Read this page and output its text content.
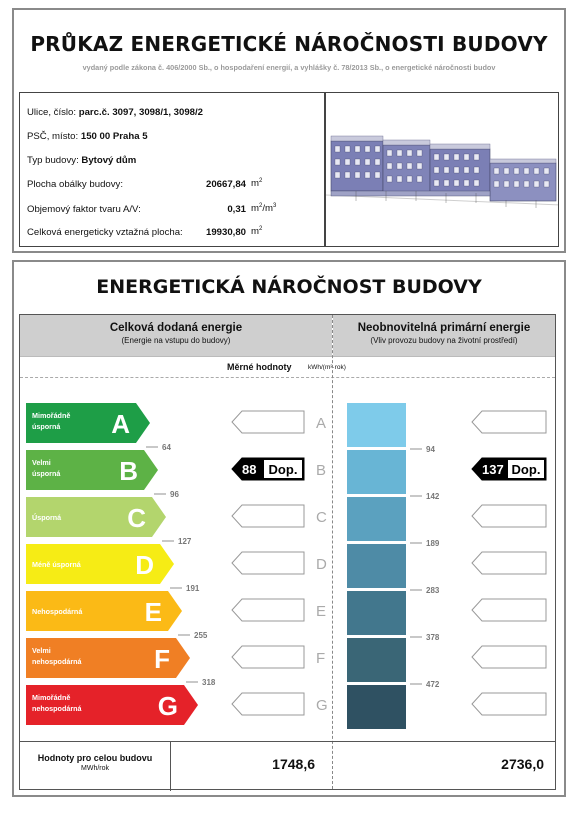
PRŮKAZ ENERGETICKÉ NÁROČNOSTI BUDOVY
vydaný podle zákona č. 406/2000 Sb., o hospodaření energií, a vyhlášky č. 78/2013 Sb., o energetické náročnosti budov
Ulice, číslo: parc.č. 3097, 3098/1, 3098/2
PSČ, místo: 150 00 Praha 5
Typ budovy: Bytový dům
Plocha obálky budovy:	20667,84 $m^2$
Objemový faktor tvaru A/V:	0,31 $m^2/m^3$
Celková energeticky vztažná plocha: 19930,80 $m^2$
ENERGETICKÁ NÁROČNOST BUDOVY
Celková dodaná energie
(Energie na vstupu do budovy)
Neobnovitelná primární energie
(Vliv provozu budovy na životní prostředí)
Měrné hodnoty	kWh/(m²·rok)
Mimořádně
úsporná A
Velmi
úsporná B
Úsporná	C
Méně úsporná D
Nehospodárná E
Velmi
nehospodárná	F
Mimořádně
nehospodárná	G
64
96
127
191
255
318
A
B
C
D
E
F
G
88 Dop.
94
142
189
283
378
472
137 Dop.
Hodnoty pro celou budovu
MWh/rok	1748,6	2736,0
